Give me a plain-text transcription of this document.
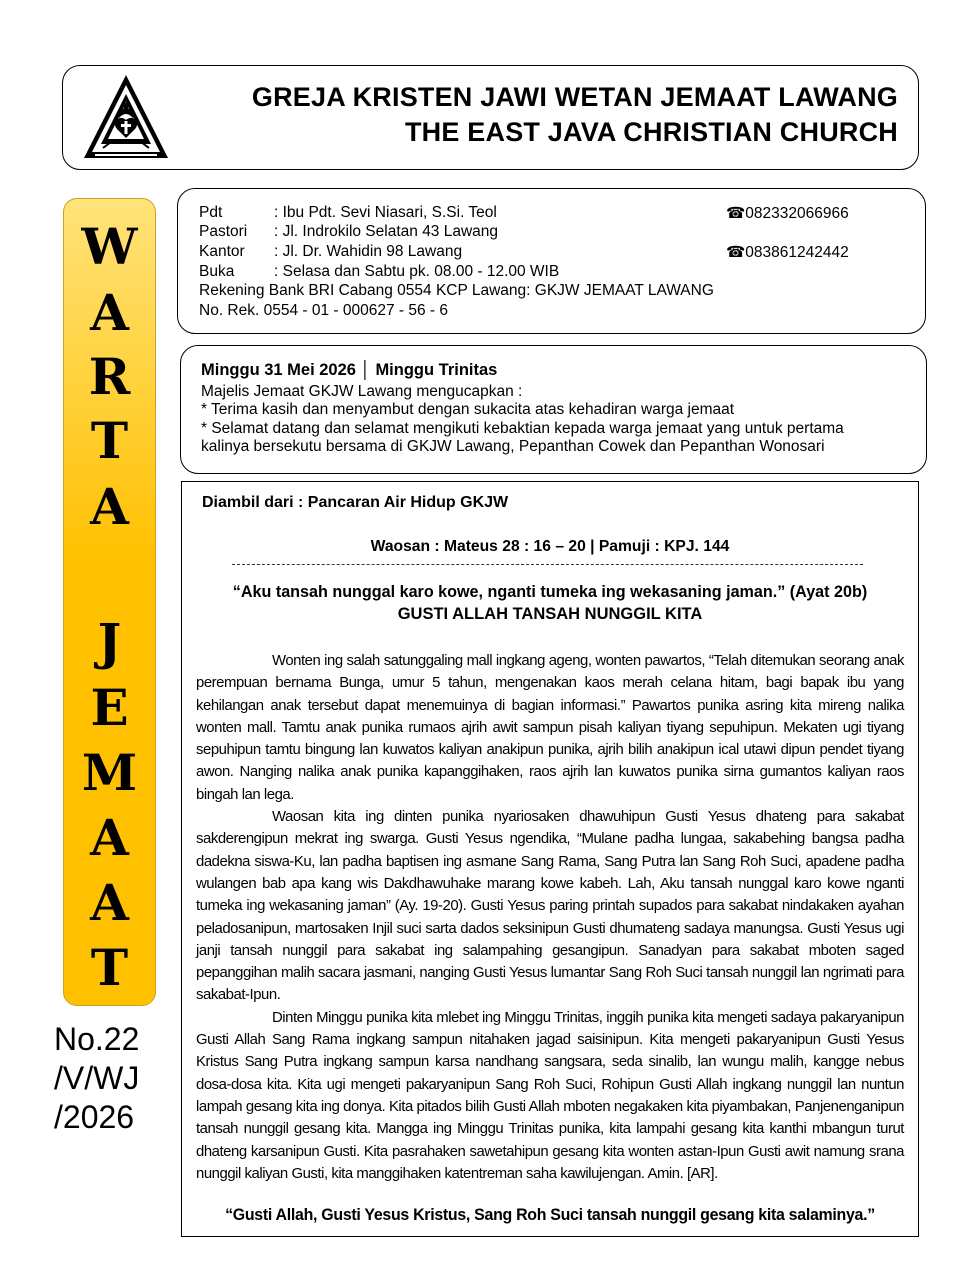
GREJA KRISTEN JAWI WETAN JEMAAT LAWANG
THE EAST JAVA CHRISTIAN CHURCH
W
A
R
T
A
J
E
M
A
A
T
No.22
/V/WJ
/2026
Pdt	: Ibu Pdt. Sevi Niasari, S.Si. Teol	☎082332066966
Pastori : Jl. Indrokilo Selatan 43 Lawang
Kantor : Jl. Dr. Wahidin 98 Lawang	☎083861242442
Buka	: Selasa dan Sabtu pk. 08.00 - 12.00 WIB
Rekening Bank BRI Cabang 0554 KCP Lawang: GKJW JEMAAT LAWANG
No. Rek. 0554 - 01 - 000627 - 56 - 6
Minggu 31 Mei 2026 │ Minggu Trinitas
Majelis Jemaat GKJW Lawang mengucapkan :
* Terima kasih dan menyambut dengan sukacita atas kehadiran warga jemaat
* Selamat datang dan selamat mengikuti kebaktian kepada warga jemaat yang untuk pertama
kalinya bersekutu bersama di GKJW Lawang, Pepanthan Cowek dan Pepanthan Wonosari
Diambil dari : Pancaran Air Hidup GKJW
Waosan : Mateus 28 : 16 – 20 | Pamuji : KPJ. 144
“Aku tansah nunggal karo kowe, nganti tumeka ing wekasaning jaman.” (Ayat 20b)
GUSTI ALLAH TANSAH NUNGGIL KITA

Wonten ing salah satunggaling mall ingkang ageng, wonten pawartos, “Telah ditemukan seorang anak perempuan bernama Bunga, umur 5 tahun, mengenakan kaos merah celana hitam, bagi bapak ibu yang kehilangan anak tersebut dapat menemuinya di bagian informasi.” Pawartos punika asring kita mireng nalika wonten mall. Tamtu anak punika rumaos ajrih awit sampun pisah kaliyan tiyang sepuhipun. Mekaten ugi tiyang sepuhipun tamtu bingung lan kuwatos kaliyan anakipun punika, ajrih bilih anakipun ical utawi dipun pendet tiyang awon. Nanging nalika anak punika kapanggihaken, raos ajrih lan kuwatos punika sirna gumantos kaliyan raos bingah lan lega.

Waosan kita ing dinten punika nyariosaken dhawuhipun Gusti Yesus dhateng para sakabat sakderengipun mekrat ing swarga. Gusti Yesus ngendika, “Mulane padha lungaa, sakabehing bangsa padha dadekna siswa-Ku, lan padha baptisen ing asmane Sang Rama, Sang Putra lan Sang Roh Suci, apadene padha wulangen bab apa kang wis Dakdhawuhake marang kowe kabeh. Lah, Aku tansah nunggal karo kowe nganti tumeka ing wekasaning jaman” (Ay. 19-20). Gusti Yesus paring printah supados para sakabat nindakaken ayahan peladosanipun, martosaken Injil suci sarta dados seksinipun Gusti dhumateng sadaya manungsa. Gusti Yesus ugi janji tansah nunggil para sakabat ing salampahing gesangipun. Sanadyan para sakabat mboten saged pepanggihan malih sacara jasmani, nanging Gusti Yesus lumantar Sang Roh Suci tansah nunggil lan ngrimati para sakabat-Ipun.

Dinten Minggu punika kita mlebet ing Minggu Trinitas, inggih punika kita mengeti sadaya pakaryanipun Gusti Allah Sang Rama ingkang sampun nitahaken jagad saisinipun. Kita mengeti pakaryanipun Gusti Yesus Kristus Sang Putra ingkang sampun karsa nandhang sangsara, seda sinalib, lan wungu malih, kangge nebus dosa-dosa kita. Kita ugi mengeti pakaryanipun Sang Roh Suci, Rohipun Gusti Allah ingkang nunggil lan nuntun lampah gesang kita ing donya. Kita pitados bilih Gusti Allah mboten negakaken kita piyambakan, Panjenenganipun tansah nunggil gesang kita. Mangga ing Minggu Trinitas punika, kita lampahi gesang kita kanthi mbangun turut dhateng karsanipun Gusti. Kita pasrahaken sawetahipun gesang kita wonten astan-Ipun Gusti awit namung srana nunggil kaliyan Gusti, kita manggihaken katentreman saha kawilujengan. Amin. [AR].

“Gusti Allah, Gusti Yesus Kristus, Sang Roh Suci tansah nunggil gesang kita salaminya.”
